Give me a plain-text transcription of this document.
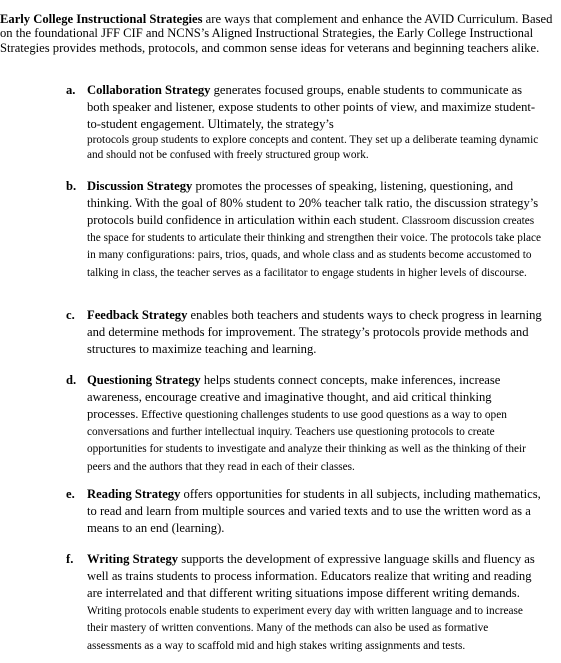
Early College Instructional Strategies are ways that complement and enhance the AVID Curriculum. Based on the foundational JFF CIF and NCNS’s Aligned Instructional Strategies, the Early College Instructional Strategies provides methods, protocols, and common sense ideas for veterans and beginning teachers alike.

a. Collaboration Strategy generates focused groups, enable students to communicate as both speaker and listener, expose students to other points of view, and maximize student-to-student engagement. Ultimately, the strategy’s
protocols group students to explore concepts and content. They set up a deliberate teaming dynamic and should not be confused with freely structured group work.
b. Discussion Strategy promotes the processes of speaking, listening, questioning, and thinking. With the goal of 80% student to 20% teacher talk ratio, the discussion strategy’s protocols build confidence in articulation within each student. Classroom discussion creates the space for students to articulate their thinking and strengthen their voice. The protocols take place in many configurations: pairs, trios, quads, and whole class and as students become accustomed to talking in class, the teacher serves as a facilitator to engage students in higher levels of discourse.
c. Feedback Strategy enables both teachers and students ways to check progress in learning and determine methods for improvement. The strategy’s protocols provide methods and structures to maximize teaching and learning.
d. Questioning Strategy helps students connect concepts, make inferences, increase awareness, encourage creative and imaginative thought, and aid critical thinking processes. Effective questioning challenges students to use good questions as a way to open conversations and further intellectual inquiry. Teachers use questioning protocols to create opportunities for students to investigate and analyze their thinking as well as the thinking of their peers and the authors that they read in each of their classes.
e. Reading Strategy offers opportunities for students in all subjects, including mathematics, to read and learn from multiple sources and varied texts and to use the written word as a means to an end (learning).
f. Writing Strategy supports the development of expressive language skills and fluency as well as trains students to process information. Educators realize that writing and reading are interrelated and that different writing situations impose different writing demands. Writing protocols enable students to experiment every day with written language and to increase their mastery of written conventions. Many of the methods can also be used as formative assessments as a way to scaffold mid and high stakes writing assignments and tests.
